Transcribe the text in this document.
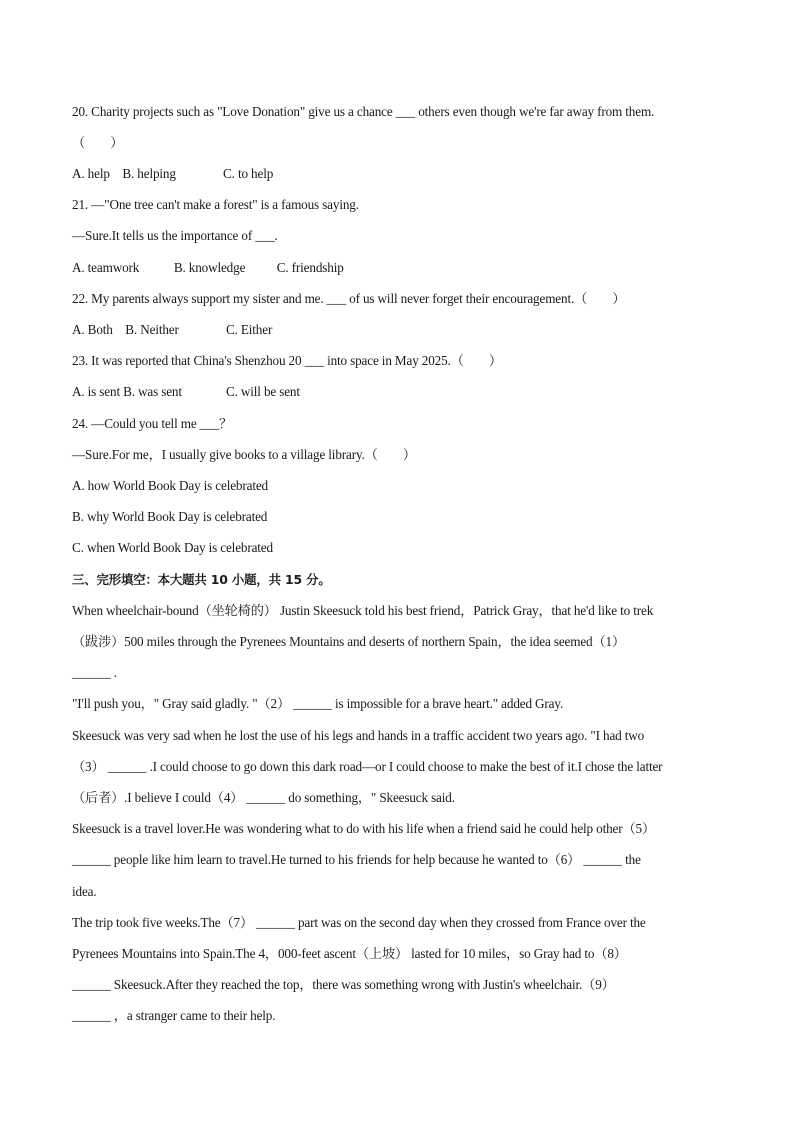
20. Charity projects such as "Love Donation" give us a chance ___ others even though we're far away from them.
（        ）
A. help    B. helping               C. to help
21. —"One tree can't make a forest" is a famous saying.
—Sure.It tells us the importance of ___.
A. teamwork           B. knowledge          C. friendship
22. My parents always support my sister and me. ___ of us will never forget their encouragement.（        ）
A. Both    B. Neither               C. Either
23. It was reported that China's Shenzhou 20 ___ into space in May 2025.（        ）
A. is sent B. was sent              C. will be sent
24. —Could you tell me ___？
—Sure.For me，I usually give books to a village library.（        ）
A. how World Book Day is celebrated
B. why World Book Day is celebrated
C. when World Book Day is celebrated
三、完形填空：本大题共 10 小题，共 15 分。
When wheelchair-bound（坐轮椅的） Justin Skeesuck told his best friend，Patrick Gray，that he'd like to trek
（跋涉）500 miles through the Pyrenees Mountains and deserts of northern Spain，the idea seemed（1）
______ .
"I'll push you，" Gray said gladly. "（2） ______ is impossible for a brave heart." added Gray.
Skeesuck was very sad when he lost the use of his legs and hands in a traffic accident two years ago. "I had two
（3） ______ .I could choose to go down this dark road—or I could choose to make the best of it.I chose the latter
（后者）.I believe I could（4） ______ do something，" Skeesuck said.
Skeesuck is a travel lover.He was wondering what to do with his life when a friend said he could help other（5）
______ people like him learn to travel.He turned to his friends for help because he wanted to（6） ______ the
idea.
The trip took five weeks.The（7） ______ part was on the second day when they crossed from France over the
Pyrenees Mountains into Spain.The 4，000-feet ascent（上坡） lasted for 10 miles，so Gray had to（8）
______ Skeesuck.After they reached the top，there was something wrong with Justin's wheelchair.（9）
______ ，a stranger came to their help.
